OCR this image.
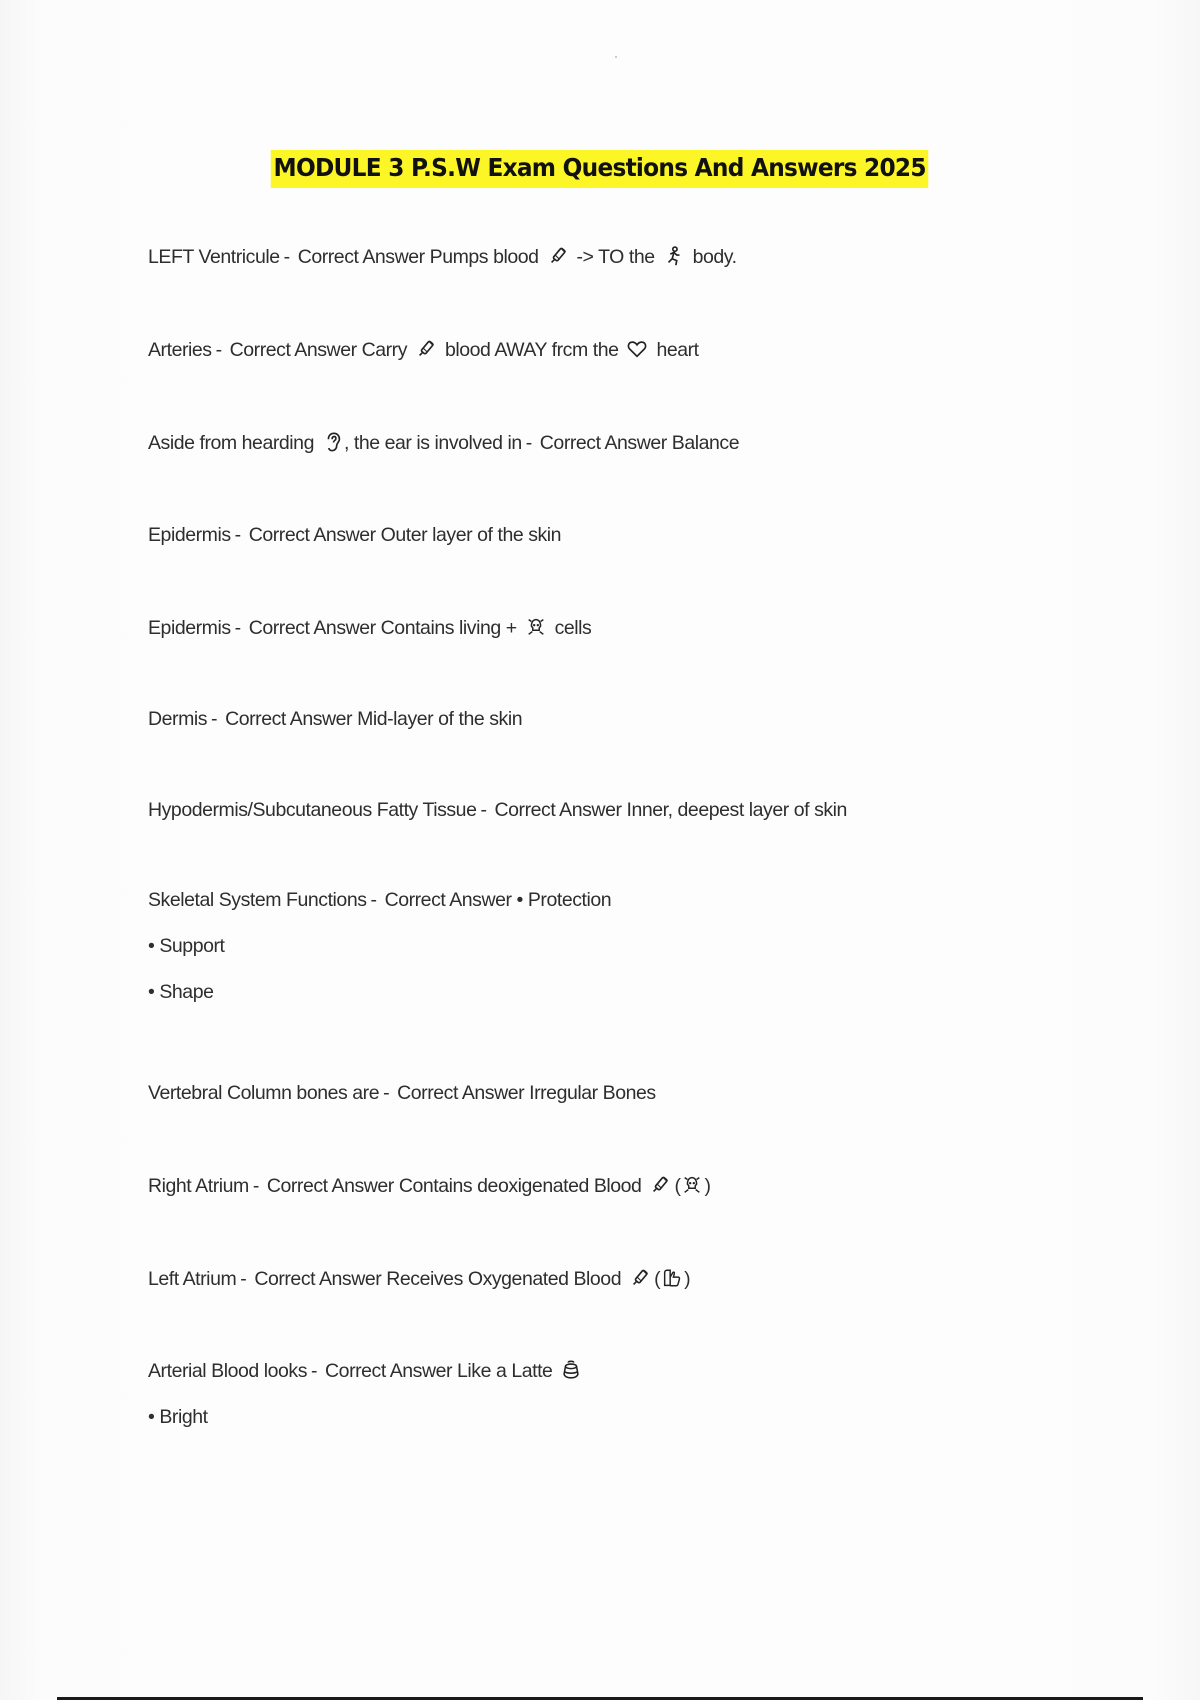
MODULE 3 P.S.W Exam Questions And Answers 2025
LEFT Ventricule - Correct Answer Pumps blood -> TO the body.
Arteries - Correct Answer Carry blood AWAY frcm the heart
Aside from hearding , the ear is involved in - Correct Answer Balance
Epidermis - Correct Answer Outer layer of the skin
Epidermis - Correct Answer Contains living + cells
Dermis - Correct Answer Mid-layer of the skin
Hypodermis/Subcutaneous Fatty Tissue - Correct Answer Inner, deepest layer of skin
Skeletal System Functions - Correct Answer • Protection
• Support
• Shape
Vertebral Column bones are - Correct Answer Irregular Bones
Right Atrium - Correct Answer Contains deoxigenated Blood ( )
Left Atrium - Correct Answer Receives Oxygenated Blood ( )
Arterial Blood looks - Correct Answer Like a Latte
• Bright
